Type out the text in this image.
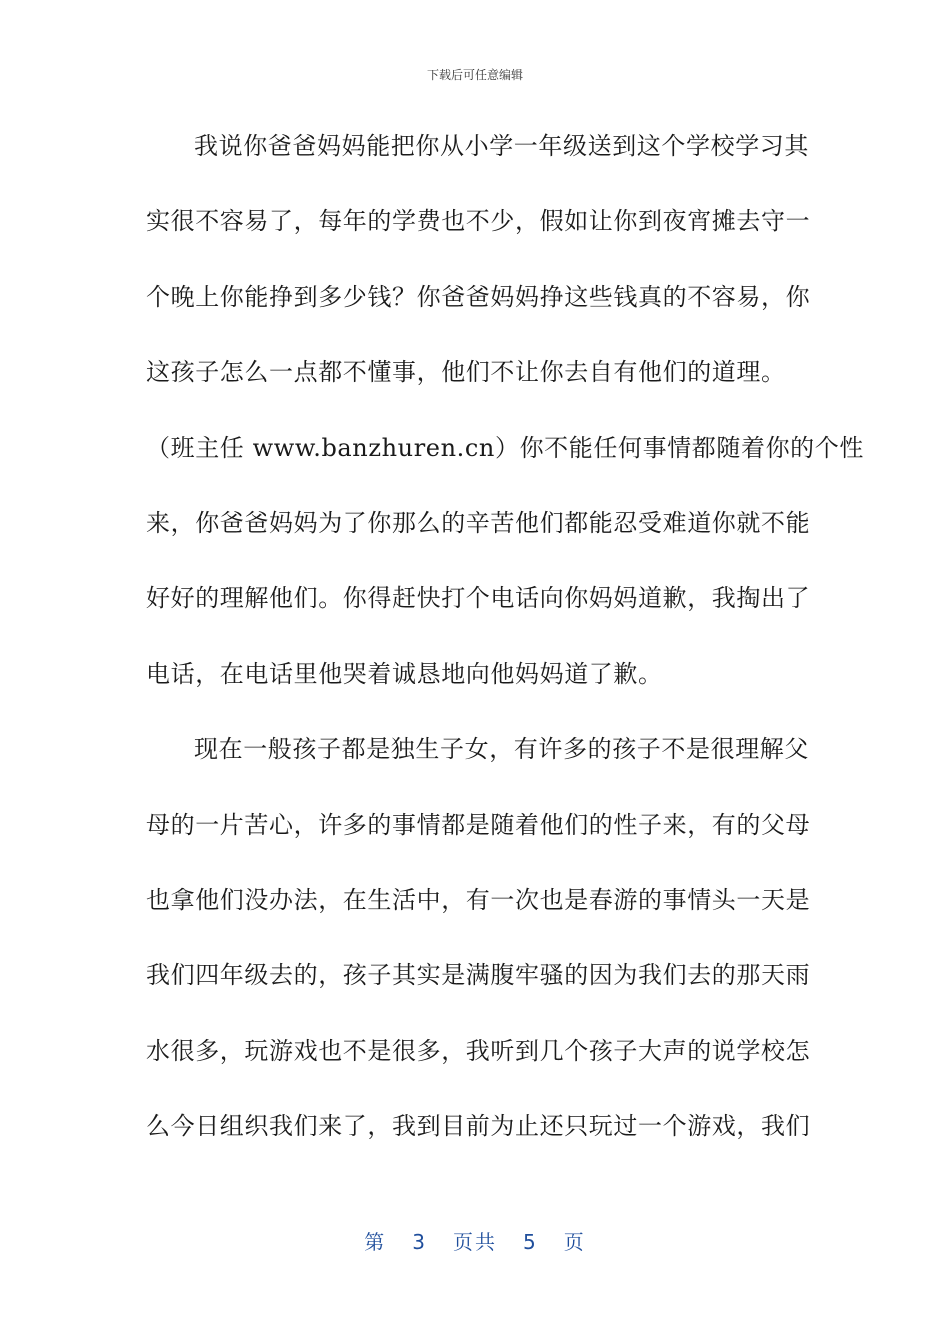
下载后可任意编辑
我说你爸爸妈妈能把你从小学一年级送到这个学校学习其
实很不容易了，每年的学费也不少，假如让你到夜宵摊去守一
个晚上你能挣到多少钱？你爸爸妈妈挣这些钱真的不容易，你
这孩子怎么一点都不懂事，他们不让你去自有他们的道理。
（班主任 www.banzhuren.cn）你不能任何事情都随着你的个性
来，你爸爸妈妈为了你那么的辛苦他们都能忍受难道你就不能
好好的理解他们。你得赶快打个电话向你妈妈道歉，我掏出了
电话，在电话里他哭着诚恳地向他妈妈道了歉。
现在一般孩子都是独生子女，有许多的孩子不是很理解父
母的一片苦心，许多的事情都是随着他们的性子来，有的父母
也拿他们没办法，在生活中，有一次也是春游的事情头一天是
我们四年级去的，孩子其实是满腹牢骚的因为我们去的那天雨
水很多，玩游戏也不是很多，我听到几个孩子大声的说学校怎
么今日组织我们来了，我到目前为止还只玩过一个游戏，我们
第 3 页共 5 页
